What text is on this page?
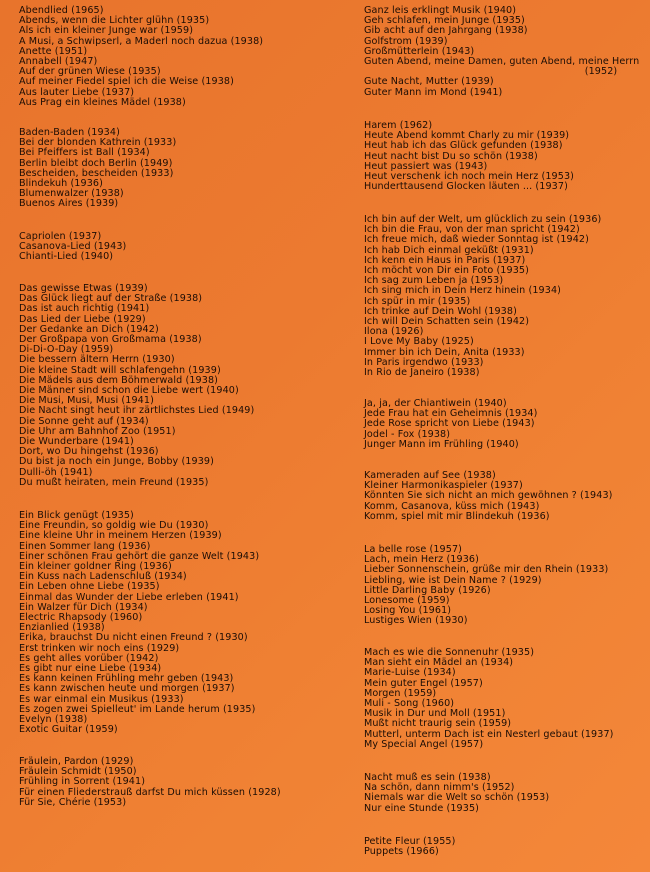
Abendlied (1965)
Abends, wenn die Lichter glühn (1935)
Als ich ein kleiner Junge war (1959)
A Musi, a Schwipserl, a Maderl noch dazua (1938)
Anette (1951)
Annabell (1947)
Auf der grünen Wiese (1935)
Auf meiner Fiedel spiel ich die Weise (1938)
Aus lauter Liebe (1937)
Aus Prag ein kleines Mädel (1938)
Baden-Baden (1934)
Bei der blonden Kathrein (1933)
Bei Pfeiffers ist Ball (1934)
Berlin bleibt doch Berlin (1949)
Bescheiden, bescheiden (1933)
Blindekuh (1936)
Blumenwalzer (1938)
Buenos Aires (1939)
Capriolen (1937)
Casanova-Lied (1943)
Chianti-Lied (1940)
Das gewisse Etwas (1939)
Das Glück liegt auf der Straße (1938)
Das ist auch richtig (1941)
Das Lied der Liebe (1929)
Der Gedanke an Dich (1942)
Der Großpapa von Großmama (1938)
Di-Di-O-Day (1959)
Die bessern ältern Herrn (1930)
Die kleine Stadt will schlafengehn (1939)
Die Mädels aus dem Böhmerwald (1938)
Die Männer sind schon die Liebe wert (1940)
Die Musi, Musi, Musi (1941)
Die Nacht singt heut ihr zärtlichstes Lied (1949)
Die Sonne geht auf (1934)
Die Uhr am Bahnhof Zoo (1951)
Die Wunderbare (1941)
Dort, wo Du hingehst (1936)
Du bist ja noch ein Junge, Bobby (1939)
Dulli-öh (1941)
Du mußt heiraten, mein Freund (1935)
Ein Blick genügt (1935)
Eine Freundin, so goldig wie Du (1930)
Eine kleine Uhr in meinem Herzen (1939)
Einen Sommer lang (1936)
Einer schönen Frau gehört die ganze Welt (1943)
Ein kleiner goldner Ring (1936)
Ein Kuss nach Ladenschluß (1934)
Ein Leben ohne Liebe (1935)
Einmal das Wunder der Liebe erleben (1941)
Ein Walzer für Dich (1934)
Electric Rhapsody (1960)
Enzianlied (1938)
Erika, brauchst Du nicht einen Freund ? (1930)
Erst trinken wir noch eins (1929)
Es geht alles vorüber (1942)
Es gibt nur eine Liebe (1934)
Es kann keinen Frühling mehr geben (1943)
Es kann zwischen heute und morgen (1937)
Es war einmal ein Musikus (1933)
Es zogen zwei Spielleut' im Lande herum (1935)
Evelyn (1938)
Exotic Guitar (1959)
Fräulein, Pardon (1929)
Fräulein Schmidt (1950)
Frühling in Sorrent (1941)
Für einen Fliederstrauß darfst Du mich küssen (1928)
Für Sie, Chérie (1953)
Ganz leis erklingt Musik (1940)
Geh schlafen, mein Junge (1935)
Gib acht auf den Jahrgang (1938)
Golfstrom (1939)
Großmütterlein (1943)
Guten Abend, meine Damen, guten Abend, meine Herrn
(1952)
Gute Nacht, Mutter (1939)
Guter Mann im Mond (1941)
Harem (1962)
Heute Abend kommt Charly zu mir (1939)
Heut hab ich das Glück gefunden (1938)
Heut nacht bist Du so schön (1938)
Heut passiert was (1943)
Heut verschenk ich noch mein Herz (1953)
Hunderttausend Glocken läuten ... (1937)
Ich bin auf der Welt, um glücklich zu sein (1936)
Ich bin die Frau, von der man spricht (1942)
Ich freue mich, daß wieder Sonntag ist (1942)
Ich hab Dich einmal geküßt (1931)
Ich kenn ein Haus in Paris (1937)
Ich möcht von Dir ein Foto (1935)
Ich sag zum Leben ja (1953)
Ich sing mich in Dein Herz hinein (1934)
Ich spür in mir (1935)
Ich trinke auf Dein Wohl (1938)
Ich will Dein Schatten sein (1942)
Ilona (1926)
I Love My Baby (1925)
Immer bin ich Dein, Anita (1933)
In Paris irgendwo (1933)
In Rio de Janeiro (1938)
Ja, ja, der Chiantiwein (1940)
Jede Frau hat ein Geheimnis (1934)
Jede Rose spricht von Liebe (1943)
Jodel - Fox (1938)
Junger Mann im Frühling (1940)
Kameraden auf See (1938)
Kleiner Harmonikaspieler (1937)
Könnten Sie sich nicht an mich gewöhnen ? (1943)
Komm, Casanova, küss mich (1943)
Komm, spiel mit mir Blindekuh (1936)
La belle rose (1957)
Lach, mein Herz (1936)
Lieber Sonnenschein, grüße mir den Rhein (1933)
Liebling, wie ist Dein Name ? (1929)
Little Darling Baby (1926)
Lonesome (1959)
Losing You (1961)
Lustiges Wien (1930)
Mach es wie die Sonnenuhr (1935)
Man sieht ein Mädel an (1934)
Marie-Luise (1934)
Mein guter Engel (1957)
Morgen (1959)
Muli - Song (1960)
Musik in Dur und Moll (1951)
Mußt nicht traurig sein (1959)
Mutterl, unterm Dach ist ein Nesterl gebaut (1937)
My Special Angel (1957)
Nacht muß es sein (1938)
Na schön, dann nimm's (1952)
Niemals war die Welt so schön (1953)
Nur eine Stunde (1935)
Petite Fleur (1955)
Puppets (1966)
